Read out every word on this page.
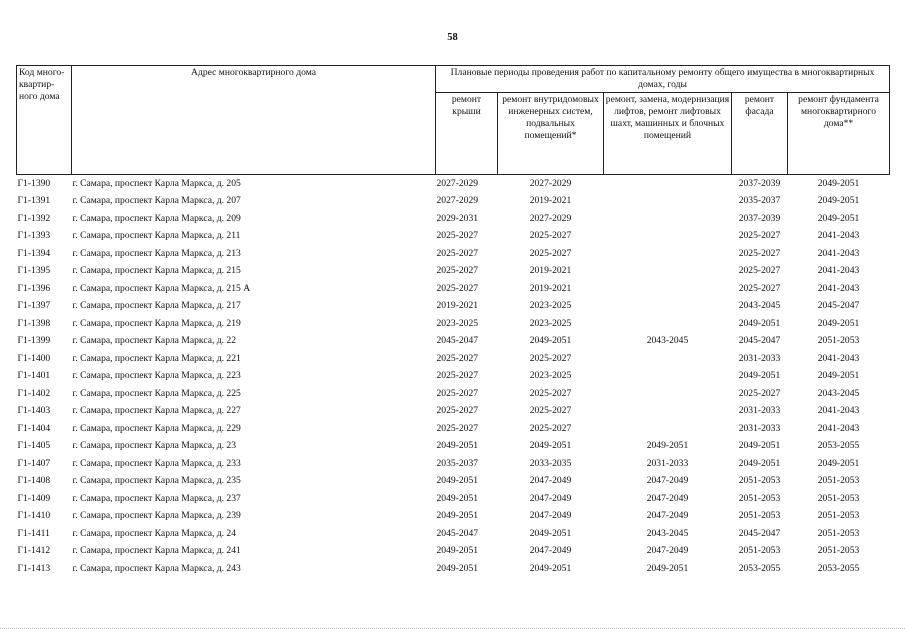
58
Код много-квартир-ного дома	Адрес многоквартирного дома	Плановые периоды проведения работ по капитальному ремонту общего имущества в многоквартирных домах, годы				
		ремонт крыши	ремонт внутридомовых инженерных систем, подвальных помещений*	ремонт, замена, модернизация лифтов, ремонт лифтовых шахт, машинных и блочных помещений	ремонт фасада	ремонт фундамента многоквартирного дома**
Г1-1390	г. Самара, проспект Карла Маркса, д. 205	2027-2029	2027-2029		2037-2039	2049-2051
Г1-1391	г. Самара, проспект Карла Маркса, д. 207	2027-2029	2019-2021		2035-2037	2049-2051
Г1-1392	г. Самара, проспект Карла Маркса, д. 209	2029-2031	2027-2029		2037-2039	2049-2051
Г1-1393	г. Самара, проспект Карла Маркса, д. 211	2025-2027	2025-2027		2025-2027	2041-2043
Г1-1394	г. Самара, проспект Карла Маркса, д. 213	2025-2027	2025-2027		2025-2027	2041-2043
Г1-1395	г. Самара, проспект Карла Маркса, д. 215	2025-2027	2019-2021		2025-2027	2041-2043
Г1-1396	г. Самара, проспект Карла Маркса, д. 215 А	2025-2027	2019-2021		2025-2027	2041-2043
Г1-1397	г. Самара, проспект Карла Маркса, д. 217	2019-2021	2023-2025		2043-2045	2045-2047
Г1-1398	г. Самара, проспект Карла Маркса, д. 219	2023-2025	2023-2025		2049-2051	2049-2051
Г1-1399	г. Самара, проспект Карла Маркса, д. 22	2045-2047	2049-2051	2043-2045	2045-2047	2051-2053
Г1-1400	г. Самара, проспект Карла Маркса, д. 221	2025-2027	2025-2027		2031-2033	2041-2043
Г1-1401	г. Самара, проспект Карла Маркса, д. 223	2025-2027	2023-2025		2049-2051	2049-2051
Г1-1402	г. Самара, проспект Карла Маркса, д. 225	2025-2027	2025-2027		2025-2027	2043-2045
Г1-1403	г. Самара, проспект Карла Маркса, д. 227	2025-2027	2025-2027		2031-2033	2041-2043
Г1-1404	г. Самара, проспект Карла Маркса, д. 229	2025-2027	2025-2027		2031-2033	2041-2043
Г1-1405	г. Самара, проспект Карла Маркса, д. 23	2049-2051	2049-2051	2049-2051	2049-2051	2053-2055
Г1-1407	г. Самара, проспект Карла Маркса, д. 233	2035-2037	2033-2035	2031-2033	2049-2051	2049-2051
Г1-1408	г. Самара, проспект Карла Маркса, д. 235	2049-2051	2047-2049	2047-2049	2051-2053	2051-2053
Г1-1409	г. Самара, проспект Карла Маркса, д. 237	2049-2051	2047-2049	2047-2049	2051-2053	2051-2053
Г1-1410	г. Самара, проспект Карла Маркса, д. 239	2049-2051	2047-2049	2047-2049	2051-2053	2051-2053
Г1-1411	г. Самара, проспект Карла Маркса, д. 24	2045-2047	2049-2051	2043-2045	2045-2047	2051-2053
Г1-1412	г. Самара, проспект Карла Маркса, д. 241	2049-2051	2047-2049	2047-2049	2051-2053	2051-2053
Г1-1413	г. Самара, проспект Карла Маркса, д. 243	2049-2051	2049-2051	2049-2051	2053-2055	2053-2055
